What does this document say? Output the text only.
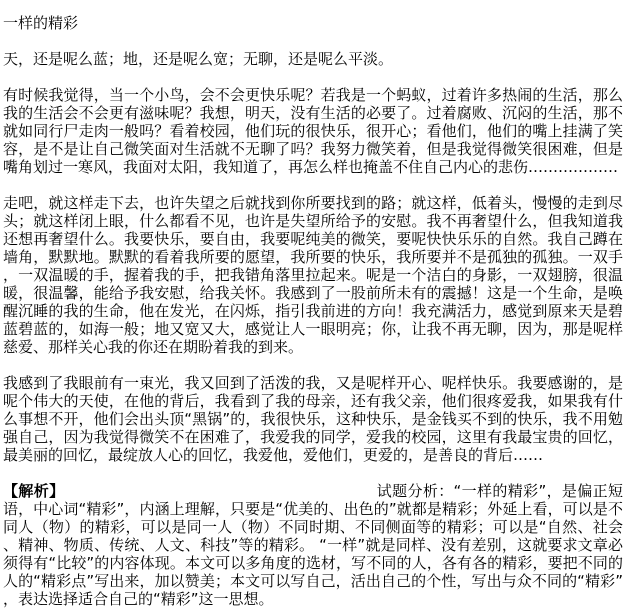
一样的精彩

天，还是呢么蓝；地，还是呢么宽；无聊，还是呢么平淡。

有时候我觉得，当一个小鸟，会不会更快乐呢？若我是一个蚂蚁，过着许多热闹的生活，那么我的生活会不会更有滋味呢？我想，明天，没有生活的必要了。过着腐败、沉闷的生活，那不就如同行尸走肉一般吗？看着校园，他们玩的很快乐，很开心；看他们，他们的嘴上挂满了笑容，是不是让自己微笑面对生活就不无聊了吗？我努力微笑着，但是我觉得微笑很困难，但是嘴角划过一寒风，我面对太阳，我知道了，再怎么样也掩盖不住自己内心的悲伤………………

走吧，就这样走下去，也许失望之后就找到你所要找到的路；就这样，低着头，慢慢的走到尽头；就这样闭上眼，什么都看不见，也许是失望所给予的安慰。我不再奢望什么，但我知道我还想再奢望什么。我要快乐，要自由，我要呢纯美的微笑，要呢快快乐乐的自然。我自己蹲在墙角，默默地。默默的看着我所要的愿望，我所要的快乐，我所要并不是孤独的孤独。一双手，一双温暖的手，握着我的手，把我错角落里拉起来。呢是一个洁白的身影，一双翅膀，很温暖，很温馨，能给予我安慰，给我关怀。我感到了一股前所未有的震撼！这是一个生命，是唤醒沉睡的我的生命，他在发光，在闪烁，指引我前进的方向！我充满活力，感觉到原来天是碧蓝碧蓝的，如海一般；地又宽又大，感觉让人一眼明亮；你，让我不再无聊，因为，那是呢样慈爱、那样关心我的你还在期盼着我的到来。

我感到了我眼前有一束光，我又回到了活泼的我，又是呢样开心、呢样快乐。我要感谢的，是呢个伟大的天使，在他的背后，我看到了我的母亲，还有我父亲，他们很疼爱我，如果我有什么事想不开，他们会出头顶“黑锅”的，我很快乐，这种快乐，是金钱买不到的快乐，我不用勉强自己，因为我觉得微笑不在困难了，我爱我的同学，爱我的校园，这里有我最宝贵的回忆，最美丽的回忆，最绽放人心的回忆，我爱他，爱他们，更爱的，是善良的背后……

【解析】	试题分析：“一样的精彩”，是偏正短语，中心词“精彩”，内涵上理解，只要是“优美的、出色的”就都是精彩；外延上看，可以是不同人（物）的精彩，可以是同一人（物）不同时期、不同侧面等的精彩；可以是“自然、社会、精神、物质、传统、人文、科技”等的精彩。 “一样”就是同样、没有差别，这就要求文章必须得有“比较”的内容体现。本文可以多角度的选材，写不同的人，各有各的精彩，要把不同的人的“精彩点”写出来，加以赞美；本文可以写自己，活出自己的个性，写出与众不同的“精彩”，表达选择适合自己的“精彩”这一思想。
